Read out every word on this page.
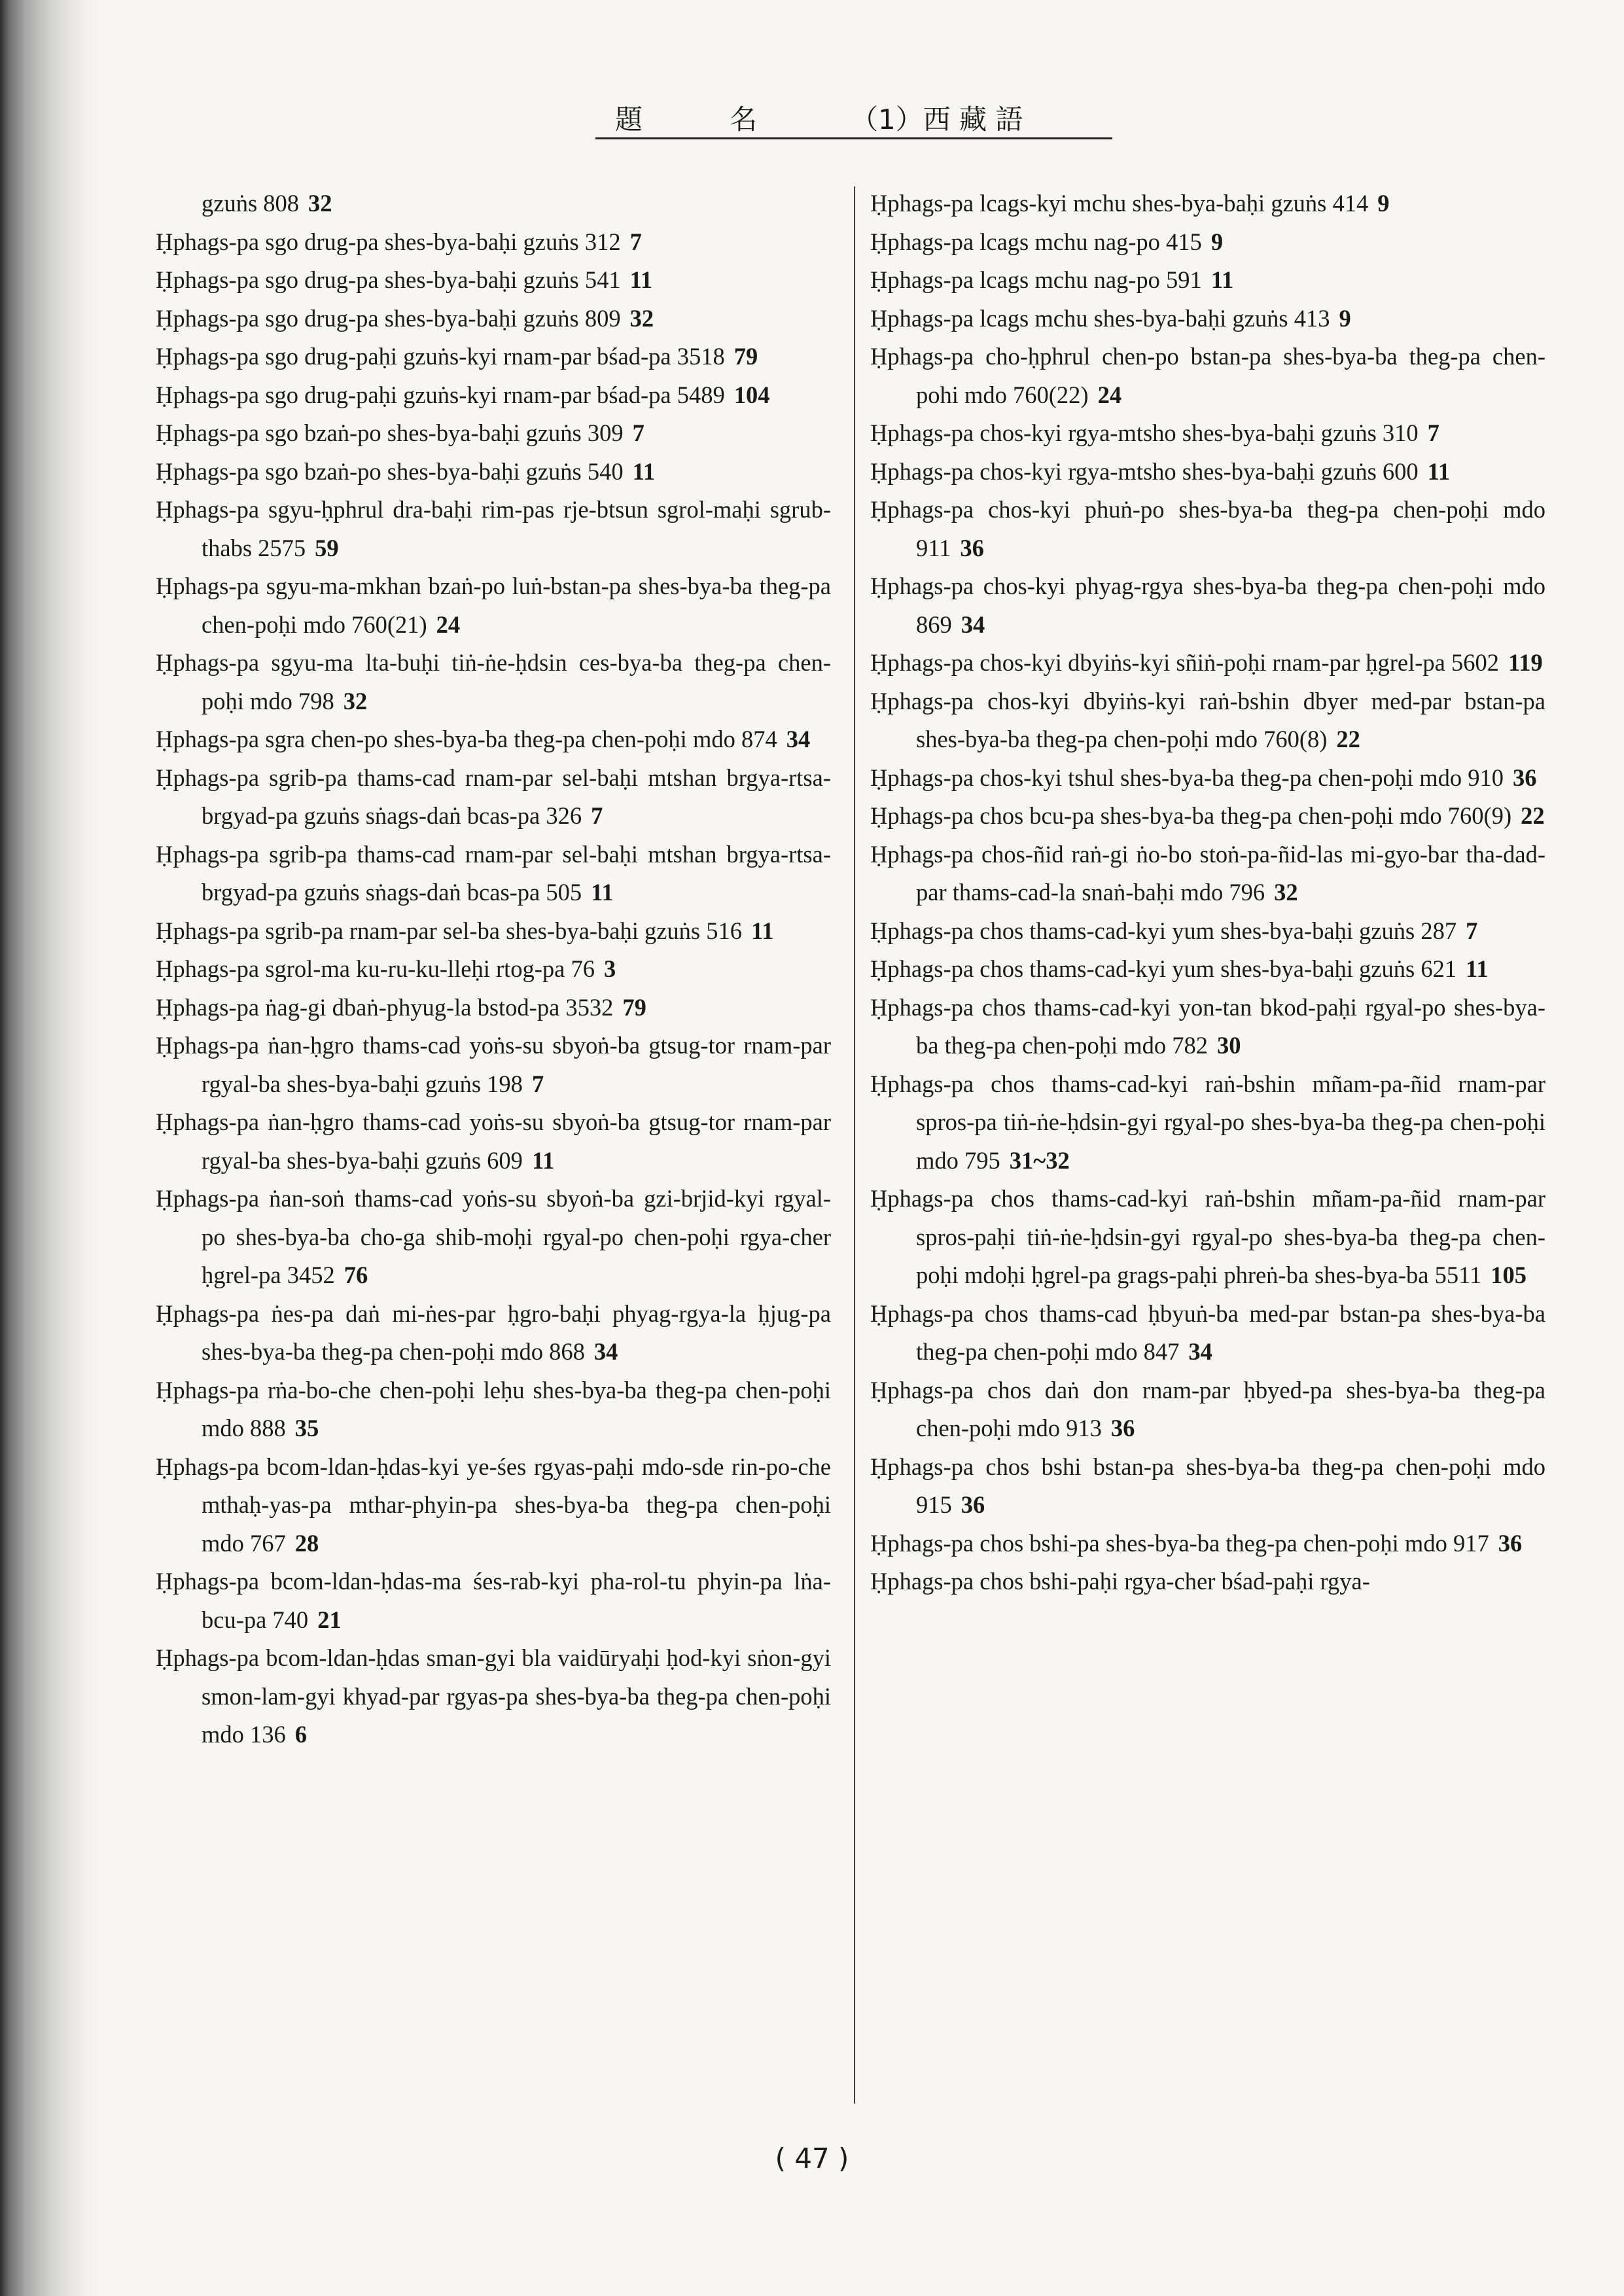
題	名	（1）西 藏 語
gzuṅs 808 32
Ḥphags-pa sgo drug-pa shes-bya-baḥi gzuṅs 312 7
Ḥphags-pa sgo drug-pa shes-bya-baḥi gzuṅs 541 11
Ḥphags-pa sgo drug-pa shes-bya-baḥi gzuṅs 809 32
Ḥphags-pa sgo drug-paḥi gzuṅs-kyi rnam-par bśad-pa 3518 79
Ḥphags-pa sgo drug-paḥi gzuṅs-kyi rnam-par bśad-pa 5489 104
Ḥphags-pa sgo bzaṅ-po shes-bya-baḥi gzuṅs 309 7
Ḥphags-pa sgo bzaṅ-po shes-bya-baḥi gzuṅs 540 11
Ḥphags-pa sgyu-ḥphrul dra-baḥi rim-pas rje-btsun sgrol-maḥi sgrub-thabs 2575 59
Ḥphags-pa sgyu-ma-mkhan bzaṅ-po luṅ-bstan-pa shes-bya-ba theg-pa chen-poḥi mdo 760(21) 24
Ḥphags-pa sgyu-ma lta-buḥi tiṅ-ṅe-ḥdsin ces-bya-ba theg-pa chen-poḥi mdo 798 32
Ḥphags-pa sgra chen-po shes-bya-ba theg-pa chen-poḥi mdo 874 34
Ḥphags-pa sgrib-pa thams-cad rnam-par sel-baḥi mtshan brgya-rtsa-brgyad-pa gzuṅs sṅags-daṅ bcas-pa 326 7
Ḥphags-pa sgrib-pa thams-cad rnam-par sel-baḥi mtshan brgya-rtsa-brgyad-pa gzuṅs sṅags-daṅ bcas-pa 505 11
Ḥphags-pa sgrib-pa rnam-par sel-ba shes-bya-baḥi gzuṅs 516 11
Ḥphags-pa sgrol-ma ku-ru-ku-lleḥi rtog-pa 76 3
Ḥphags-pa ṅag-gi dbaṅ-phyug-la bstod-pa 3532 79
Ḥphags-pa ṅan-ḥgro thams-cad yoṅs-su sbyoṅ-ba gtsug-tor rnam-par rgyal-ba shes-bya-baḥi gzuṅs 198 7
Ḥphags-pa ṅan-ḥgro thams-cad yoṅs-su sbyoṅ-ba gtsug-tor rnam-par rgyal-ba shes-bya-baḥi gzuṅs 609 11
Ḥphags-pa ṅan-soṅ thams-cad yoṅs-su sbyoṅ-ba gzi-brjid-kyi rgyal-po shes-bya-ba cho-ga shib-moḥi rgyal-po chen-poḥi rgya-cher ḥgrel-pa 3452 76
Ḥphags-pa ṅes-pa daṅ mi-ṅes-par ḥgro-baḥi phyag-rgya-la ḥjug-pa shes-bya-ba theg-pa chen-poḥi mdo 868 34
Ḥphags-pa rṅa-bo-che chen-poḥi leḥu shes-bya-ba theg-pa chen-poḥi mdo 888 35
Ḥphags-pa bcom-ldan-ḥdas-kyi ye-śes rgyas-paḥi mdo-sde rin-po-che mthaḥ-yas-pa mthar-phyin-pa shes-bya-ba theg-pa chen-poḥi mdo 767 28
Ḥphags-pa bcom-ldan-ḥdas-ma śes-rab-kyi pha-rol-tu phyin-pa lṅa-bcu-pa 740 21
Ḥphags-pa bcom-ldan-ḥdas sman-gyi bla vaidūryaḥi ḥod-kyi sṅon-gyi smon-lam-gyi khyad-par rgyas-pa shes-bya-ba theg-pa chen-poḥi mdo 136 6
Ḥphags-pa lcags-kyi mchu shes-bya-baḥi gzuṅs 414 9
Ḥphags-pa lcags mchu nag-po 415 9
Ḥphags-pa lcags mchu nag-po 591 11
Ḥphags-pa lcags mchu shes-bya-baḥi gzuṅs 413 9
Ḥphags-pa cho-ḥphrul chen-po bstan-pa shes-bya-ba theg-pa chen-pohi mdo 760(22) 24
Ḥphags-pa chos-kyi rgya-mtsho shes-bya-baḥi gzuṅs 310 7
Ḥphags-pa chos-kyi rgya-mtsho shes-bya-baḥi gzuṅs 600 11
Ḥphags-pa chos-kyi phuṅ-po shes-bya-ba theg-pa chen-poḥi mdo 911 36
Ḥphags-pa chos-kyi phyag-rgya shes-bya-ba theg-pa chen-poḥi mdo 869 34
Ḥphags-pa chos-kyi dbyiṅs-kyi sñiṅ-poḥi rnam-par ḥgrel-pa 5602 119
Ḥphags-pa chos-kyi dbyiṅs-kyi raṅ-bshin dbyer med-par bstan-pa shes-bya-ba theg-pa chen-poḥi mdo 760(8) 22
Ḥphags-pa chos-kyi tshul shes-bya-ba theg-pa chen-poḥi mdo 910 36
Ḥphags-pa chos bcu-pa shes-bya-ba theg-pa chen-poḥi mdo 760(9) 22
Ḥphags-pa chos-ñid raṅ-gi ṅo-bo stoṅ-pa-ñid-las mi-gyo-bar tha-dad-par thams-cad-la snaṅ-baḥi mdo 796 32
Ḥphags-pa chos thams-cad-kyi yum shes-bya-baḥi gzuṅs 287 7
Ḥphags-pa chos thams-cad-kyi yum shes-bya-baḥi gzuṅs 621 11
Ḥphags-pa chos thams-cad-kyi yon-tan bkod-paḥi rgyal-po shes-bya-ba theg-pa chen-poḥi mdo 782 30
Ḥphags-pa chos thams-cad-kyi raṅ-bshin mñam-pa-ñid rnam-par spros-pa tiṅ-ṅe-ḥdsin-gyi rgyal-po shes-bya-ba theg-pa chen-poḥi mdo 795 31~32
Ḥphags-pa chos thams-cad-kyi raṅ-bshin mñam-pa-ñid rnam-par spros-paḥi tiṅ-ṅe-ḥdsin-gyi rgyal-po shes-bya-ba theg-pa chen-poḥi mdoḥi ḥgrel-pa grags-paḥi phreṅ-ba shes-bya-ba 5511 105
Ḥphags-pa chos thams-cad ḥbyuṅ-ba med-par bstan-pa shes-bya-ba theg-pa chen-poḥi mdo 847 34
Ḥphags-pa chos daṅ don rnam-par ḥbyed-pa shes-bya-ba theg-pa chen-poḥi mdo 913 36
Ḥphags-pa chos bshi bstan-pa shes-bya-ba theg-pa chen-poḥi mdo 915 36
Ḥphags-pa chos bshi-pa shes-bya-ba theg-pa chen-poḥi mdo 917 36
Ḥphags-pa chos bshi-paḥi rgya-cher bśad-paḥi rgya-
( 47 )
